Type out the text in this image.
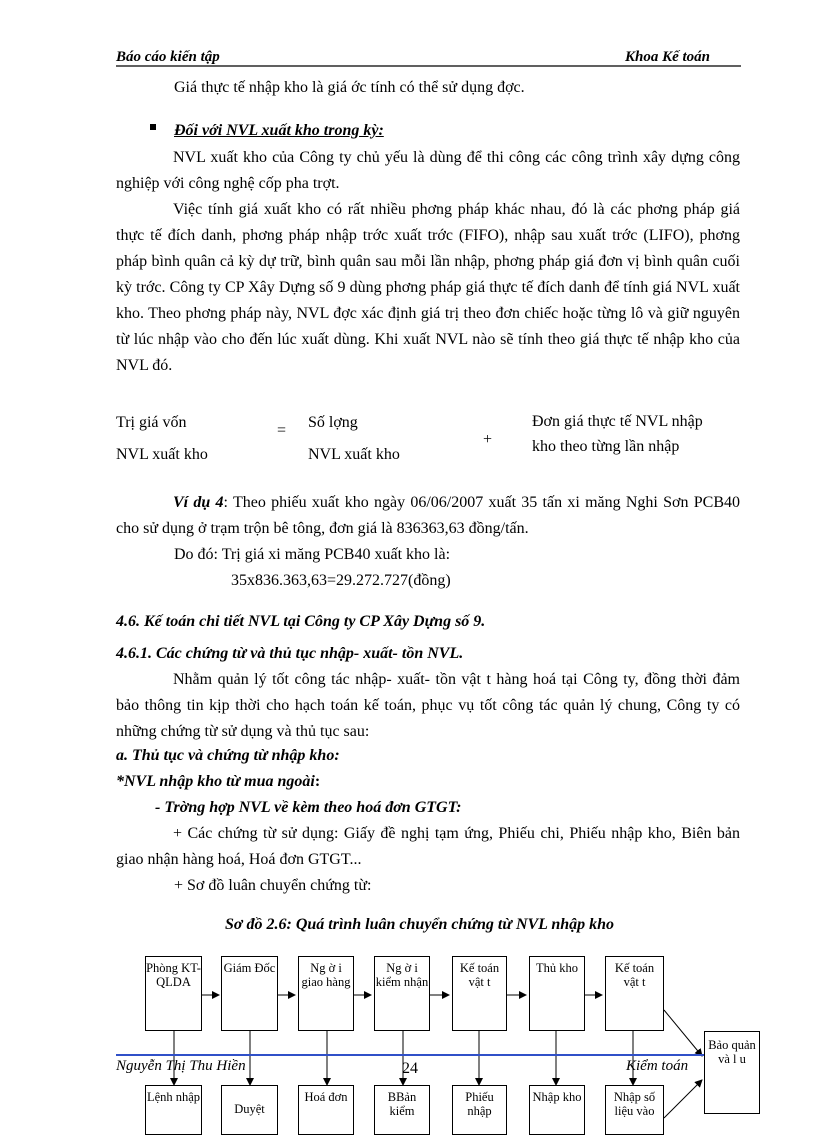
Báo cáo kiến tập	Khoa Kế toán
Giá thực tế nhập kho là giá ớc tính có thể sử dụng đợc.
Đối với NVL xuất kho trong kỳ:
NVL xuất kho của Công ty chủ yếu là dùng để thi công các công trình xây dựng công nghiệp với công nghệ cốp pha trợt.
Việc tính giá xuất kho có rất nhiều phơng pháp khác nhau, đó là các phơng pháp giá thực tế đích danh, phơng pháp nhập trớc xuất trớc (FIFO), nhập sau xuất trớc (LIFO), phơng pháp bình quân cả kỳ dự trữ, bình quân sau mỗi lần nhập, phơng pháp giá đơn vị bình quân cuối kỳ trớc. Công ty CP Xây Dựng số 9 dùng phơng pháp giá thực tế đích danh để tính giá NVL xuất kho. Theo phơng pháp này, NVL đợc xác định giá trị theo đơn chiếc hoặc từng lô và giữ nguyên từ lúc nhập vào cho đến lúc xuất dùng. Khi xuất NVL nào sẽ tính theo giá thực tế nhập kho của NVL đó.
Trị giá vốn
NVL xuất kho
= Số lợng
NVL xuất kho
+
Đơn giá thực tế NVL nhập
kho theo từng lần nhập
Ví dụ 4: Theo phiếu xuất kho ngày 06/06/2007 xuất 35 tấn xi măng Nghi Sơn PCB40 cho sử dụng ở trạm trộn bê tông, đơn giá là 836363,63 đồng/tấn.
Do đó: Trị giá xi măng PCB40 xuất kho là:
35x836.363,63=29.272.727(đồng)
4.6. Kế toán chi tiết NVL tại Công ty CP Xây Dựng số 9.
4.6.1. Các chứng từ và thủ tục nhập- xuất- tồn NVL.
Nhằm quản lý tốt công tác nhập- xuất- tồn vật t hàng hoá tại Công ty, đồng thời đảm bảo thông tin kịp thời cho hạch toán kế toán, phục vụ tốt công tác quản lý chung, Công ty có những chứng từ sử dụng và thủ tục sau:
a. Thủ tục và chứng từ nhập kho:
*NVL nhập kho từ mua ngoài:
- Trờng hợp NVL về kèm theo hoá đơn GTGT:
+ Các chứng từ sử dụng: Giấy đề nghị tạm ứng, Phiếu chi, Phiếu nhập kho, Biên bản giao nhận hàng hoá, Hoá đơn GTGT...
+ Sơ đồ luân chuyển chứng từ:
Sơ đồ 2.6: Quá trình luân chuyển chứng từ NVL nhập kho
Phòng KT-QLDA
Giám Đốc	Ng ờ i giao hàng
Ng ờ i kiểm nhận
Kế toán vật t
Thủ kho	Kế toán vật t
Bảo quản và l u
Lệnh nhập
Duyệt
Hoá đơn	BBản kiểm
Phiếu nhập
Nhập kho	Nhập số liệu vào
Nguyễn Thị Thu Hiền	24	Kiểm toán
